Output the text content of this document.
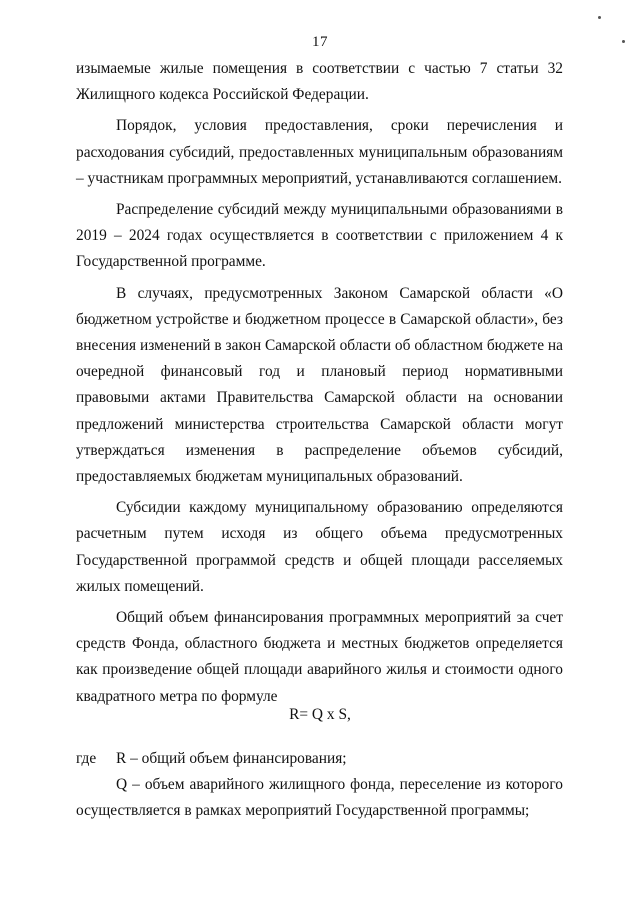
17

изымаемые жилые помещения в соответствии с частью 7 статьи 32 Жилищного кодекса Российской Федерации.

Порядок, условия предоставления, сроки перечисления и расходования субсидий, предоставленных муниципальным образованиям – участникам программных мероприятий, устанавливаются соглашением.

Распределение субсидий между муниципальными образованиями в 2019 – 2024 годах осуществляется в соответствии с приложением 4 к Государственной программе.

В случаях, предусмотренных Законом Самарской области «О бюджетном устройстве и бюджетном процессе в Самарской области», без внесения изменений в закон Самарской области об областном бюджете на очередной финансовый год и плановый период нормативными правовыми актами Правительства Самарской области на основании предложений министерства строительства Самарской области могут утверждаться изменения в распределение объемов субсидий, предоставляемых бюджетам муниципальных образований.

Субсидии каждому муниципальному образованию определяются расчетным путем исходя из общего объема предусмотренных Государственной программой средств и общей площади расселяемых жилых помещений.

Общий объем финансирования программных мероприятий за счет средств Фонда, областного бюджета и местных бюджетов определяется как произведение общей площади аварийного жилья и стоимости одного квадратного метра по формуле

R= Q x S,

где R – общий объем финансирования;

Q – объем аварийного жилищного фонда, переселение из которого осуществляется в рамках мероприятий Государственной программы;
